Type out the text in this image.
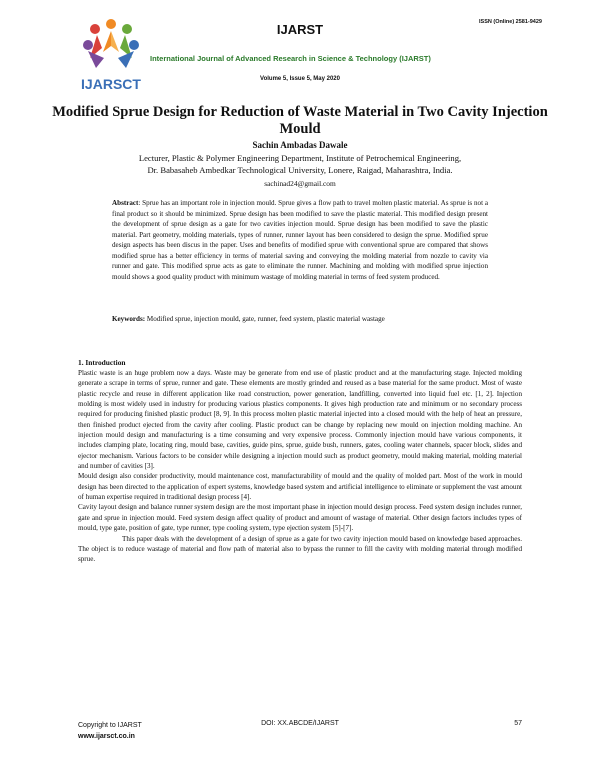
IJARSCT
IJARST	ISSN (Online) 2581-9429
International Journal of Advanced Research in Science & Technology (IJARST)
Volume 5, Issue 5, May 2020
Modified Sprue Design for Reduction of Waste Material in Two Cavity Injection Mould
Sachin Ambadas Dawale
Lecturer, Plastic & Polymer Engineering Department, Institute of Petrochemical Engineering,
Dr. Babasaheb Ambedkar Technological University, Lonere, Raigad, Maharashtra, India.
sachinad24@gmail.com
Abstract: Sprue has an important role in injection mould. Sprue gives a flow path to travel molten plastic material. As sprue is not a final product so it should be minimized. Sprue design has been modified to save the plastic material. This modified design present the development of sprue design as a gate for two cavities injection mould. Sprue design has been modified to save the plastic material. Part geometry, molding materials, types of runner, runner layout has been considered to design the sprue. Modified sprue design aspects has been discus in the paper. Uses and benefits of modified sprue with conventional sprue are compared that shows modified sprue has a better efficiency in terms of material saving and conveying the molding material from nozzle to cavity via runner and gate. This modified sprue acts as gate to eliminate the runner. Machining and molding with modified sprue injection mould shows a good quality product with minimum wastage of molding material in terms of feed system produced.
Keywords: Modified sprue, injection mould, gate, runner, feed system, plastic material wastage
1. Introduction

Plastic waste is an huge problem now a days. Waste may be generate from end use of plastic product and at the manufacturing stage. Injected molding generate a scrape in terms of sprue, runner and gate. These elements are mostly grinded and reused as a base material for the same product. Most of waste plastic recycle and reuse in different application like road construction, power generation, landfilling, converted into liquid fuel etc. [1, 2]. Injection molding is most widely used in industry for producing various plastics components. It gives high production rate and minimum or no secondary process required for producing finished plastic product [8, 9]. In this process molten plastic material injected into a closed mould with the help of heat an pressure, then finished product ejected from the cavity after cooling. Plastic product can be change by replacing new mould on injection molding machine. An injection mould design and manufacturing is a time consuming and very expensive process. Commonly injection mould have various components, it includes clamping plate, locating ring, mould base, cavities, guide pins, sprue, guide bush, runners, gates, cooling water channels, spacer block, slides and ejector mechanism. Various factors to be consider while designing a injection mould such as product geometry, mould making material, molding material and number of cavities [3].

Mould design also consider productivity, mould maintenance cost, manufacturability of mould and the quality of molded part. Most of the work in mould design has been directed to the application of expert systems, knowledge based system and artificial intelligence to eliminate or supplement the vast amount of human expertise required in traditional design process [4].

Cavity layout design and balance runner system design are the most important phase in injection mould design process. Feed system design includes runner, gate and sprue in injection mould. Feed system design affect quality of product and amount of wastage of material. Other design factors includes types of mould, type gate, position of gate, type runner, type cooling system, type ejection system [5]-[7].

This paper deals with the development of a design of sprue as a gate for two cavity injection mould based on knowledge based approaches. The object is to reduce wastage of material and flow path of material also to bypass the runner to fill the cavity with molding material through modified sprue.

Copyright to IJARST
www.ijarsct.co.in
DOI: XX.ABCDE/IJARST	57
